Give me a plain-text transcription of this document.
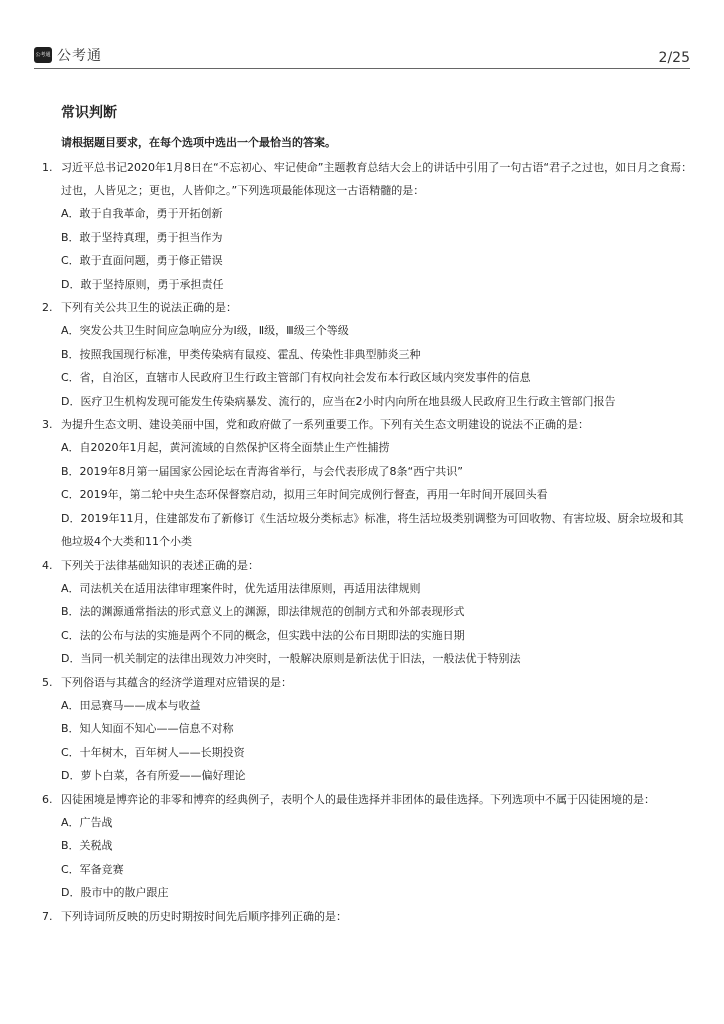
公考通 公考通	2/25
常识判断
请根据题目要求，在每个选项中选出一个最恰当的答案。
1. 习近平总书记2020年1月8日在“不忘初心、牢记使命”主题教育总结大会上的讲话中引用了一句古语“君子之过也，如日月之食焉：过也，人皆见之；更也，人皆仰之。”下列选项最能体现这一古语精髓的是：
A．敢于自我革命，勇于开拓创新
B．敢于坚持真理，勇于担当作为
C．敢于直面问题，勇于修正错误
D．敢于坚持原则，勇于承担责任
2. 下列有关公共卫生的说法正确的是：
A．突发公共卫生时间应急响应分为Ⅰ级，Ⅱ级，Ⅲ级三个等级
B．按照我国现行标准，甲类传染病有鼠疫、霍乱、传染性非典型肺炎三种
C．省，自治区，直辖市人民政府卫生行政主管部门有权向社会发布本行政区域内突发事件的信息
D．医疗卫生机构发现可能发生传染病暴发、流行的，应当在2小时内向所在地县级人民政府卫生行政主管部门报告
3. 为提升生态文明、建设美丽中国，党和政府做了一系列重要工作。下列有关生态文明建设的说法不正确的是：
A．自2020年1月起，黄河流域的自然保护区将全面禁止生产性捕捞
B．2019年8月第一届国家公园论坛在青海省举行，与会代表形成了8条“西宁共识”
C．2019年，第二轮中央生态环保督察启动，拟用三年时间完成例行督查，再用一年时间开展回头看
D．2019年11月，住建部发布了新修订《生活垃圾分类标志》标准，将生活垃圾类别调整为可回收物、有害垃圾、厨余垃圾和其他垃圾4个大类和11个小类
4. 下列关于法律基础知识的表述正确的是：
A．司法机关在适用法律审理案件时，优先适用法律原则，再适用法律规则
B．法的渊源通常指法的形式意义上的渊源，即法律规范的创制方式和外部表现形式
C．法的公布与法的实施是两个不同的概念，但实践中法的公布日期即法的实施日期
D．当同一机关制定的法律出现效力冲突时，一般解决原则是新法优于旧法，一般法优于特别法
5. 下列俗语与其蕴含的经济学道理对应错误的是：
A．田忌赛马——成本与收益
B．知人知面不知心——信息不对称
C．十年树木，百年树人——长期投资
D．萝卜白菜，各有所爱——偏好理论
6. 囚徒困境是博弈论的非零和博弈的经典例子，表明个人的最佳选择并非团体的最佳选择。下列选项中不属于囚徒困境的是：
A．广告战
B．关税战
C．军备竞赛
D．股市中的散户跟庄
7. 下列诗词所反映的历史时期按时间先后顺序排列正确的是：
